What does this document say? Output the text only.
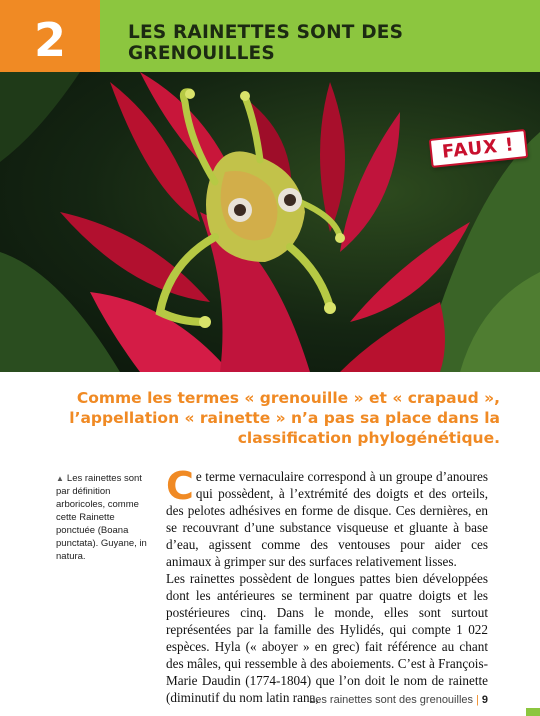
2	LES RAINETTES SONT DES GRENOUILLES
FAUX !
Comme les termes « grenouille » et « crapaud », l’appellation « rainette » n’a pas sa place dans la classification phylogénétique.
▲ Les rainettes sont par définition arboricoles, comme cette Rainette ponctuée (Boana punctata). Guyane, in natura.
Ce terme vernaculaire correspond à un groupe d’anoures qui possèdent, à l’extrémité des doigts et des orteils, des pelotes adhésives en forme de disque. Ces dernières, en se recouvrant d’une substance visqueuse et gluante à base d’eau, agissent comme des ventouses pour aider ces animaux à grimper sur des surfaces relativement lisses.
Les rainettes possèdent de longues pattes bien développées dont les antérieures se terminent par quatre doigts et les postérieures cinq. Dans le monde, elles sont surtout représentées par la famille des Hylidés, qui compte 1 022 espèces. Hyla (« aboyer » en grec) fait référence au chant des mâles, qui ressemble à des aboiements. C’est à François-Marie Daudin (1774-1804) que l’on doit le nom de rainette (diminutif du nom latin rana,
Les rainettes sont des grenouilles | 9
